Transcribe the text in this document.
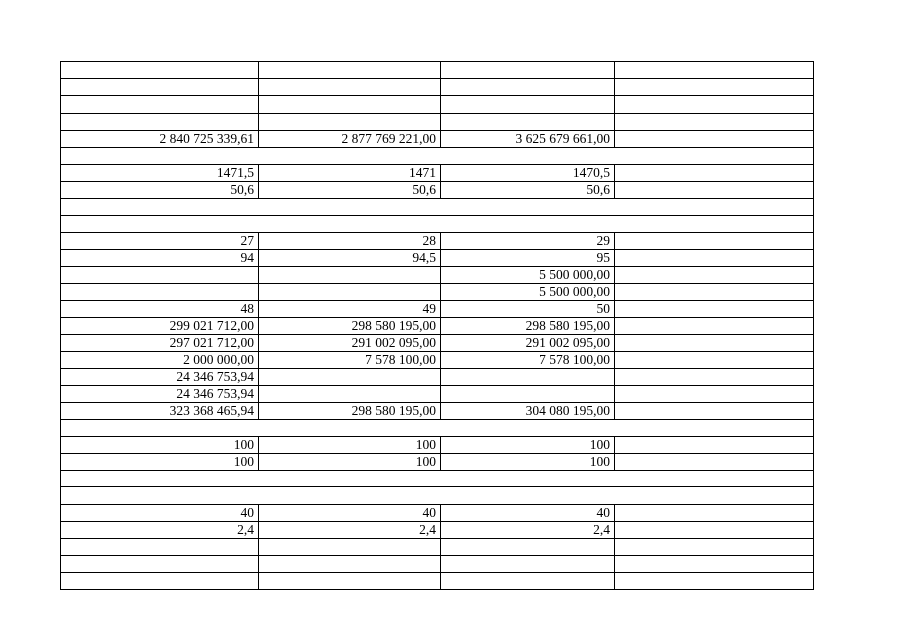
2 840 725 339,61	2 877 769 221,00	3 625 679 661,00	

1471,5	1471	1470,5	
50,6	50,6	50,6	

27	28	29	
94	94,5	95	
		5 500 000,00	
		5 500 000,00	
48	49	50	
299 021 712,00	298 580 195,00	298 580 195,00	
297 021 712,00	291 002 095,00	291 002 095,00	
2 000 000,00	7 578 100,00	7 578 100,00	
24 346 753,94			
24 346 753,94			
323 368 465,94	298 580 195,00	304 080 195,00	

100	100	100	
100	100	100	

40	40	40	
2,4	2,4	2,4	
